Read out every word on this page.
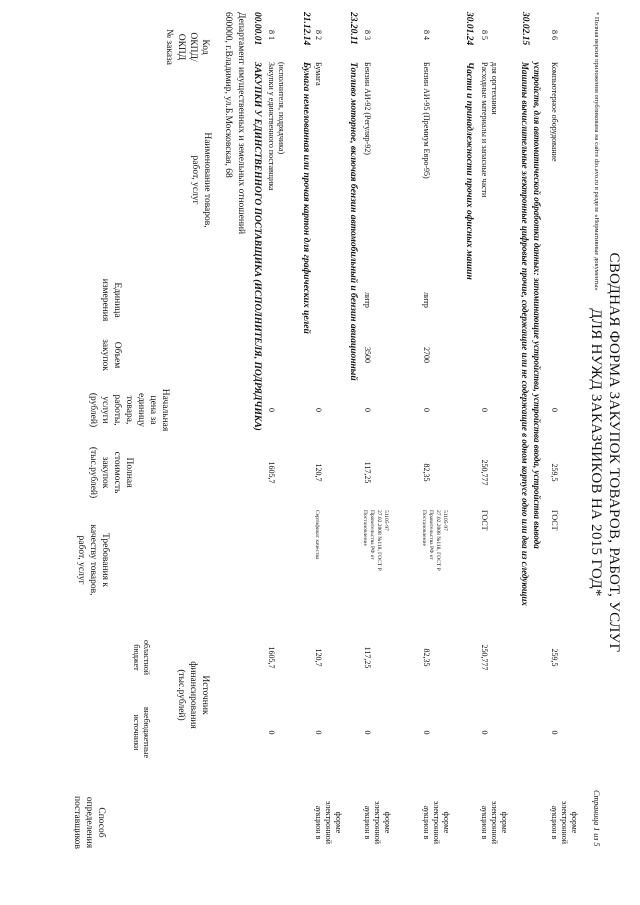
СВОДНАЯ ФОРМА ЗАКУПОК ТОВАРОВ, РАБОТ, УСЛУГ
ДЛЯ НУЖД ЗАКАЗЧИКОВ НА 2015 ГОД*
Код
ОКПД/
ОКПД
№ заказа
Наименование товаров,
работ, услуг
Единица
измерения
Объем
закупок
Начальная
цена за
единицу
товара,
работы,
услуги
(рублей)
Полная
стоимость
закупок
(тыс.рублей)
Требования к
качеству товаров,
работ, услуг
Источник
финансирования
(тыс.рублей)
областной
бюджет
внебюджетные
источники
Способ
определения
поставщиков
Департамент имущественных и земельных отношений
600000, г.Владимир, ул.Б.Московская, 68 00.00.01
ЗАКУПКИ У ЕДИНСТВЕННОГО ПОСТАВЩИКА (ИСПОЛНИТЕЛЯ, ПОДРЯДЧИКА)
21.12.14
Бумага немелованная или прочая картон для графических целей
23.20.11
Топливо моторное, включая бензин автомобильный и бензин авиационный
30.01.24
Части и принадлежности прочих офисных машин
30.02.15
Машины вычислительные электронные цифровые прочие, содержащие или не содержащие в одном корпусе одно или два из следующих устройств, для автоматической обработки данных: запоминающие устройства, устройства ввода, устройства вывода
8 1
Закупки у единственного поставщика (исполнителя, подрядчика)
0
1605,7
1605,7
0
8 2
Бумага
0
120,7
Сертификат качества
120,7
0
аукцион в электронной форме
8 3
Бензин АИ-92 (Регуляр-92)
литр
3500
0
117,25
Постановление Правительства РФ от 27.02.2008 №118, ГОСТ Р 51105-97
117,25
0
аукцион в электронной форме
8 4
Бензин АИ-95 (Премиум Евро-95)
литр
2700
0
82,35
Постановление Правительства РФ от 27.02.2008 №118, ГОСТ Р 51105-97
82,35
0
аукцион в электронной форме
8 5
Расходные материалы и запасные части для оргтехники
0
250,777
ГОСТ
250,777
0
аукцион в электронной форме
8 6
Компьютерное оборудование
0
259,5
ГОСТ
259,5
0
аукцион в электронной форме
* Полная версия приложения опубликована на сайте dio.avo.ru в разделе «Нормативные документы»
Страница 1 из 5
